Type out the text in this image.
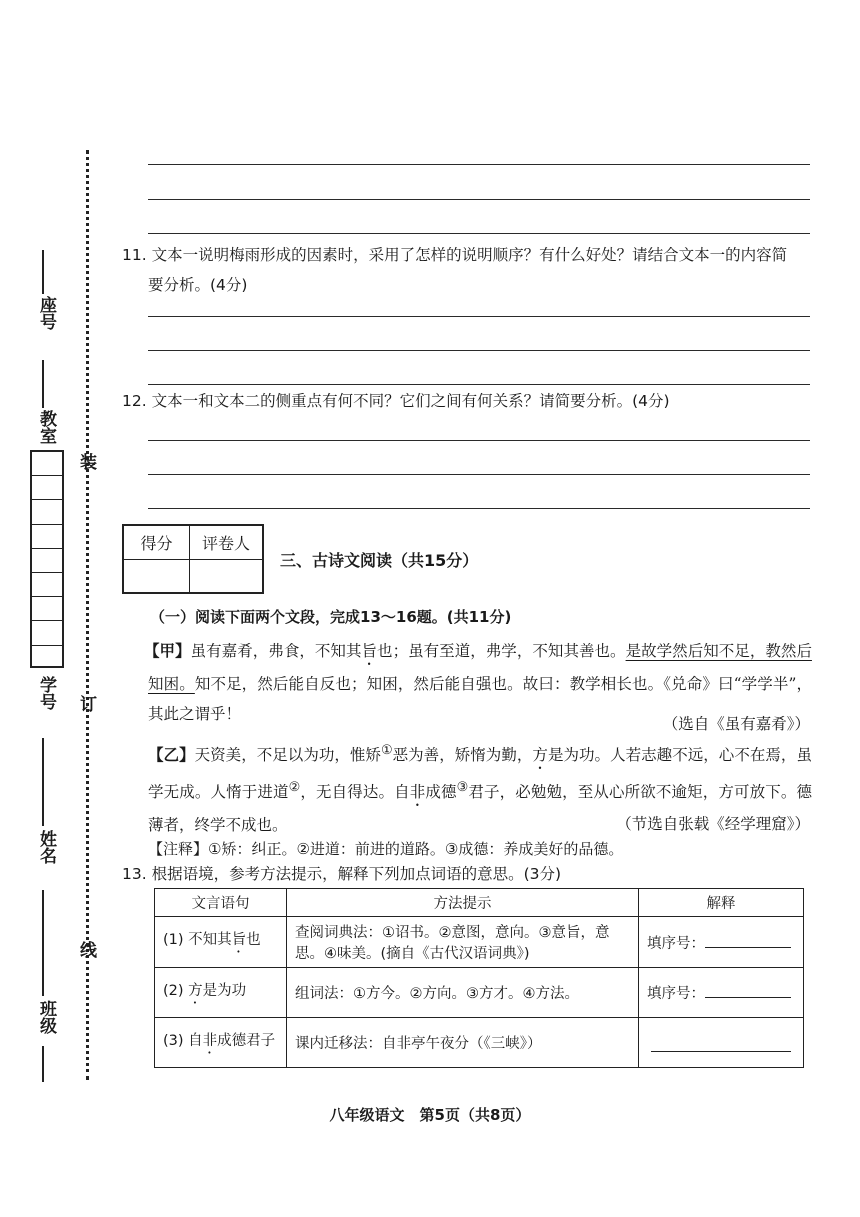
座号
教室
学号
姓名
班级
装
订
线
11. 文本一说明梅雨形成的因素时，采用了怎样的说明顺序？有什么好处？请结合文本一的内容简
要分析。(4分)
12. 文本一和文本二的侧重点有何不同？它们之间有何关系？请简要分析。(4分)
得分	评卷人
三、古诗文阅读（共15分）
（一）阅读下面两个文段，完成13～16题。(共11分)
【甲】虽有嘉肴，弗食，不知其旨也；虽有至道，弗学，不知其善也。是故学然后知不足，教然后知困。知不足，然后能自反也；知困，然后能自强也。故曰：教学相长也。《兑命》曰“学学半”，其此之谓乎！
（选自《虽有嘉肴》）
【乙】天资美，不足以为功，惟矫①恶为善，矫惰为勤，方是为功。人若志趣不远，心不在焉，虽学无成。人惰于进道②，无自得达。自非成德③君子，必勉勉，至从心所欲不逾矩，方可放下。德薄者，终学不成也。	（节选自张载《经学理窟》）
【注释】①矫：纠正。②进道：前进的道路。③成德：养成美好的品德。
13. 根据语境，参考方法提示，解释下列加点词语的意思。(3分)
文言语句	方法提示	解释
(1) 不知其旨也	查阅词典法：①诏书。②意图，意向。③意旨，意思。④味美。(摘自《古代汉语词典》)	填序号：
(2) 方是为功	组词法：①方今。②方向。③方才。④方法。	填序号：
(3) 自非成德君子	课内迁移法：自非亭午夜分（《三峡》）	
八年级语文　第5页（共8页）
